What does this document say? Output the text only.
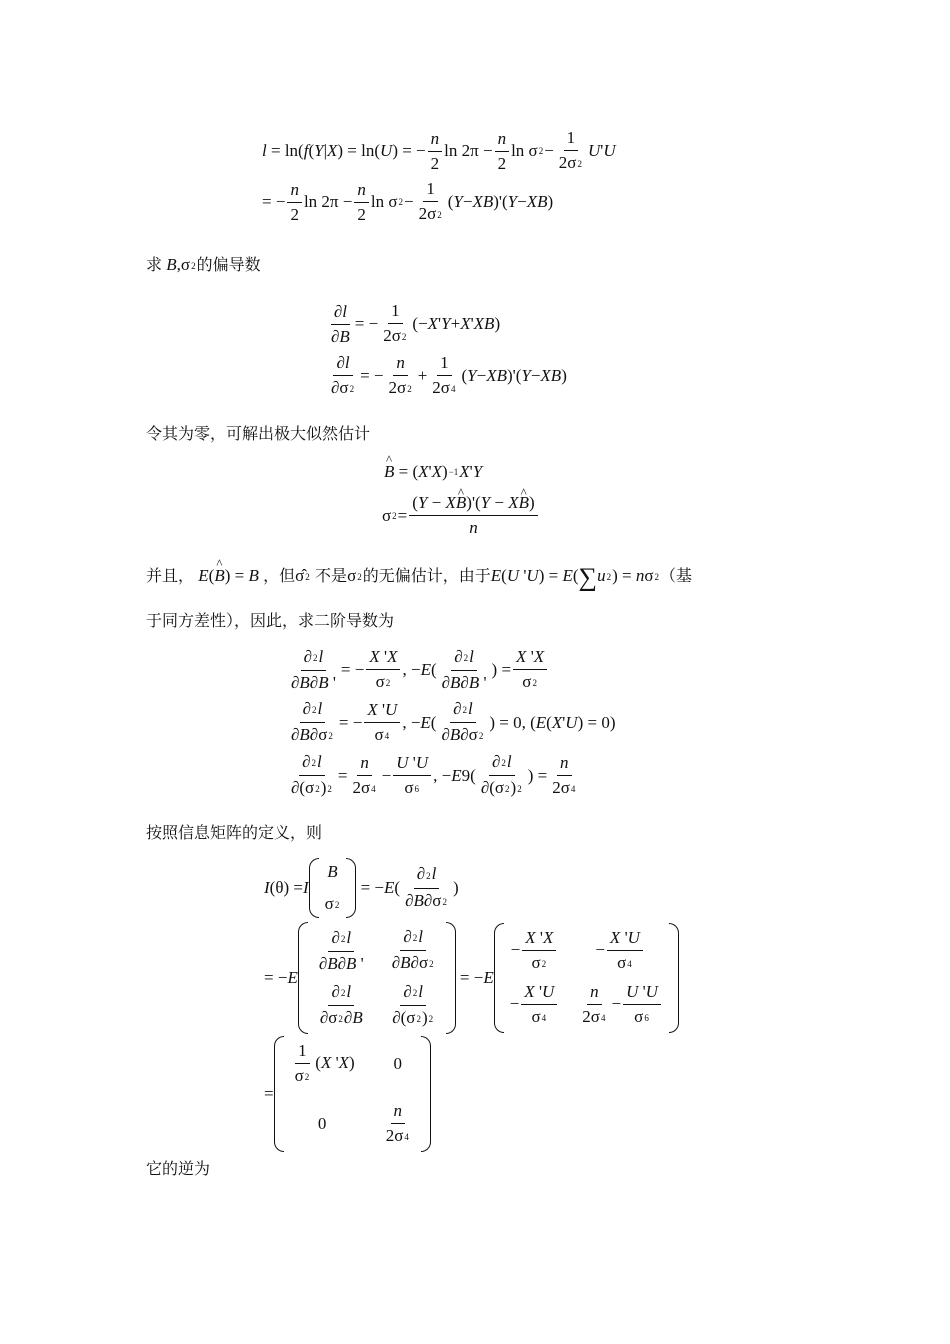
l = ln( f ( Y | X ) = ln( U ) = − $\frac{n}{2}$ $\ln 2\pi - \frac{n}{2}$ ln σ $2 - \frac{1}{2\sigma 2}$ U ' U
= − $\frac{n}{2}$ $\ln 2\pi - \frac{n}{2}$ ln σ $2 - \frac{1}{2\sigma 2}$ ( Y − XB )'( Y − XB )
求 B,σ2的偏导数
$\frac{\partial l}{\partial B}$ = − $\frac{1}{2\sigma 2}$ (− X ' Y + X ' XB )
$\frac{\partial l}{\partial\sigma 2}$ = − $\frac{n}{2\sigma 2} + \frac{1}{2\sigma 4}$ ( Y − XB )'( Y − XB )
令其为零，可解出极大似然估计
^ B = ( X ' X ) −1 X ' Y
σ $2 = \frac{(Y - X\^{} B)'(Y - X\^{} B)}{n}$
并且， E(^ B) = B ，但σ̂2 不是σ2的无偏估计，由于E(U 'U) = E(∑u2) = nσ2（基
于同方差性），因此，求二阶导数为
$\frac{\partial 2l}{\partial B\partial B '}$ = − $\frac{X 'X}{\sigma 2}$ , − E ( $\frac{\partial 2l}{\partial B\partial B '}$ ) = $\frac{X 'X}{\sigma 2}$
$\frac{\partial 2l}{\partial B\partial\sigma 2}$ = − $\frac{X 'U}{\sigma 4}$ , − E ( $\frac{\partial 2l}{\partial B\partial\sigma 2}$ ) = 0, ( E ( X ' U ) = 0)
$\frac{\partial 2l}{\partial(\sigma 2)2} = \frac{n}{2\sigma 4} - \frac{U 'U}{\sigma 6}$ , − E $9( \frac{\partial 2l}{\partial(\sigma 2)2}$ ) = $\frac{n}{2\sigma 4}$
按照信息矩阵的定义，则
I (θ) = I
B
σ2
= − E ( $\frac{\partial 2l}{\partial B\partial\sigma 2}$ )
= − E
$\frac{\partial 2l}{\partial B\partial B '} \frac{\partial 2l}{\partial B\partial\sigma 2}$
$\frac{\partial 2l}{\partial\sigma 2\partial B} \frac{\partial 2l}{\partial(\sigma 2)2}$
= − E
− $\frac{X 'X}{\sigma 2} - \frac{X 'U}{\sigma 4}$
− $\frac{X 'U}{\sigma 4} \frac{n}{2\sigma 4} - \frac{U 'U}{\sigma 6}$
=
$\frac{1}{\sigma 2} (X$ 'X) 0
0	$\frac{n}{2\sigma 4}$
它的逆为
